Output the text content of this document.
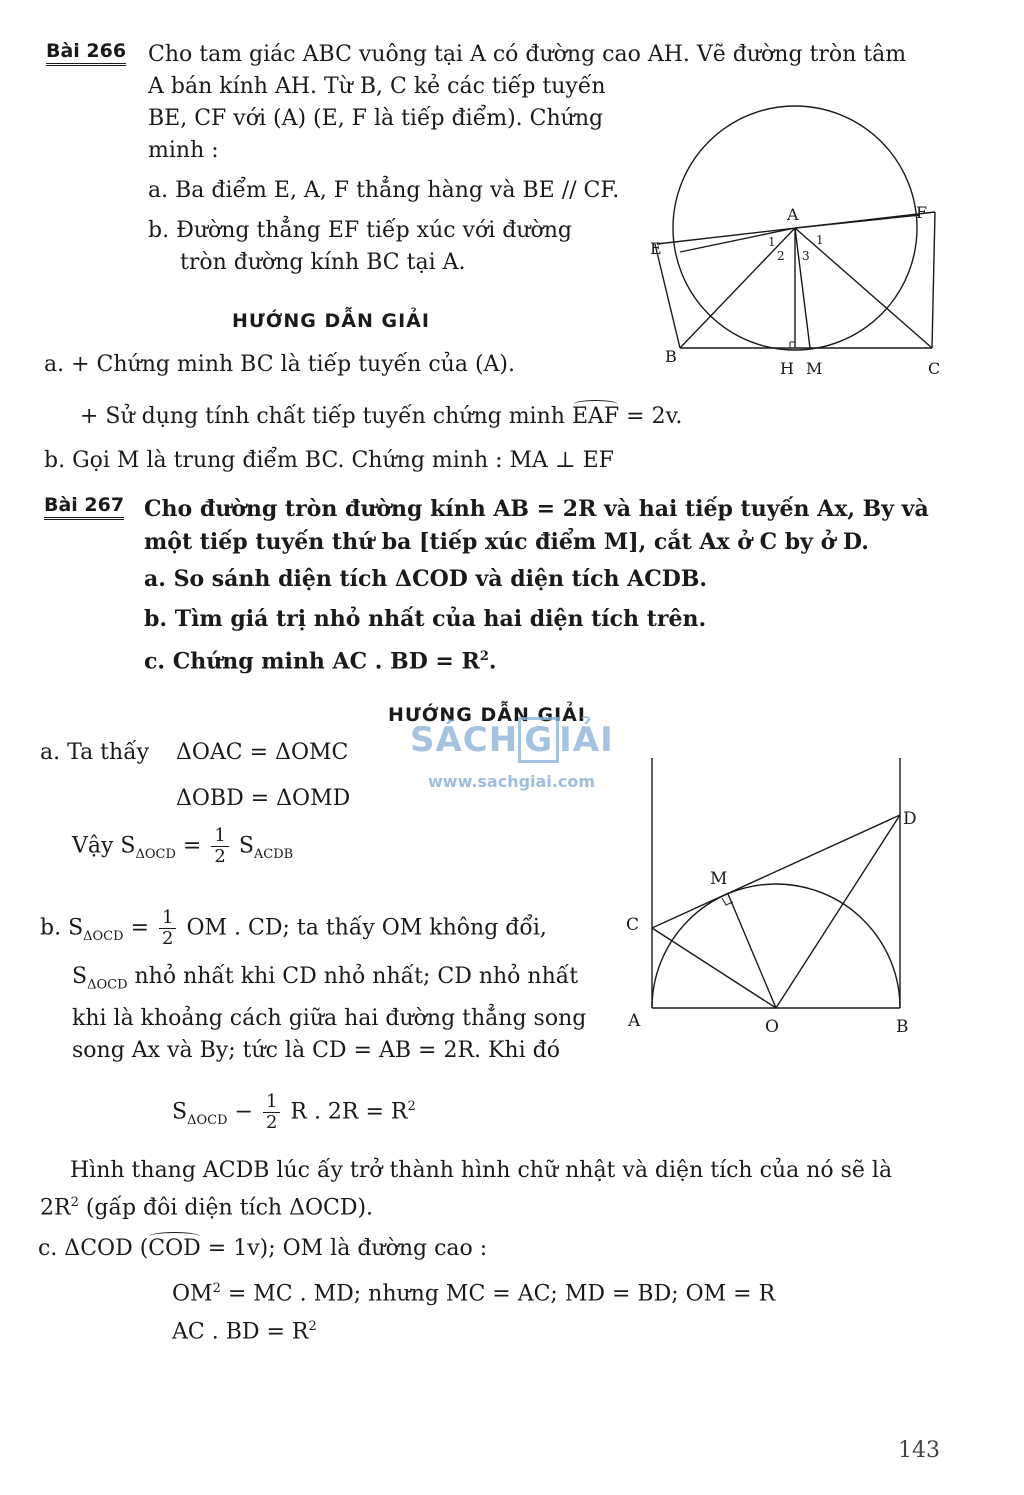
Bài 266 Cho tam giác ABC vuông tại A có đường cao AH. Vẽ đường tròn tâm
A bán kính AH. Từ B, C kẻ các tiếp tuyến
BE, CF với (A) (E, F là tiếp điểm). Chứng
minh :
a. Ba điểm E, A, F thẳng hàng và BE // CF.
b. Đường thẳng EF tiếp xúc với đường
tròn đường kính BC tại A.
A
B
C
E
F
H M
1
2 3
1
HƯỚNG DẪN GIẢI
a. + Chứng minh BC là tiếp tuyến của (A).
+ Sử dụng tính chất tiếp tuyến chứng minh EAF = 2v.
b. Gọi M là trung điểm BC. Chứng minh : MA ⊥ EF
Bài 267 Cho đường tròn đường kính AB = 2R và hai tiếp tuyến Ax, By và
một tiếp tuyến thứ ba [tiếp xúc điểm M], cắt Ax ở C by ở D.
a. So sánh diện tích ΔCOD và diện tích ACDB.
b. Tìm giá trị nhỏ nhất của hai diện tích trên.
c. Chứng minh AC . BD = $R^2$.
HƯỚNG DẪN GIẢI
SÁCH G IẢI
www.sachgiai.com
a. Ta thấy ΔOAC = ΔOMC
ΔOBD = ΔOMD
Vậy $S_{\Delta OCD} = \frac{1}{2} S_{ACDB}$
b. $S_{\Delta OCD} = \frac{1}{2}$ OM . CD; ta thấy OM không đổi,
$S_{\Delta OCD}$ nhỏ nhất khi CD nhỏ nhất; CD nhỏ nhất
khi là khoảng cách giữa hai đường thẳng song
song Ax và By; tức là CD = AB = 2R. Khi đó
$S_{\Delta OCD} - \frac{1}{2}$ R . $2R = R^2$
Hình thang ACDB lúc ấy trở thành hình chữ nhật và diện tích của nó sẽ là
$2R^2$ (gấp đôi diện tích ΔOCD).
c. ΔCOD (COD = 1v); OM là đường cao :
$OM^2$ = MC . MD; nhưng MC = AC; MD = BD; OM = R
AC . BD = $R^2$
D
M
C
A	O	B
143
